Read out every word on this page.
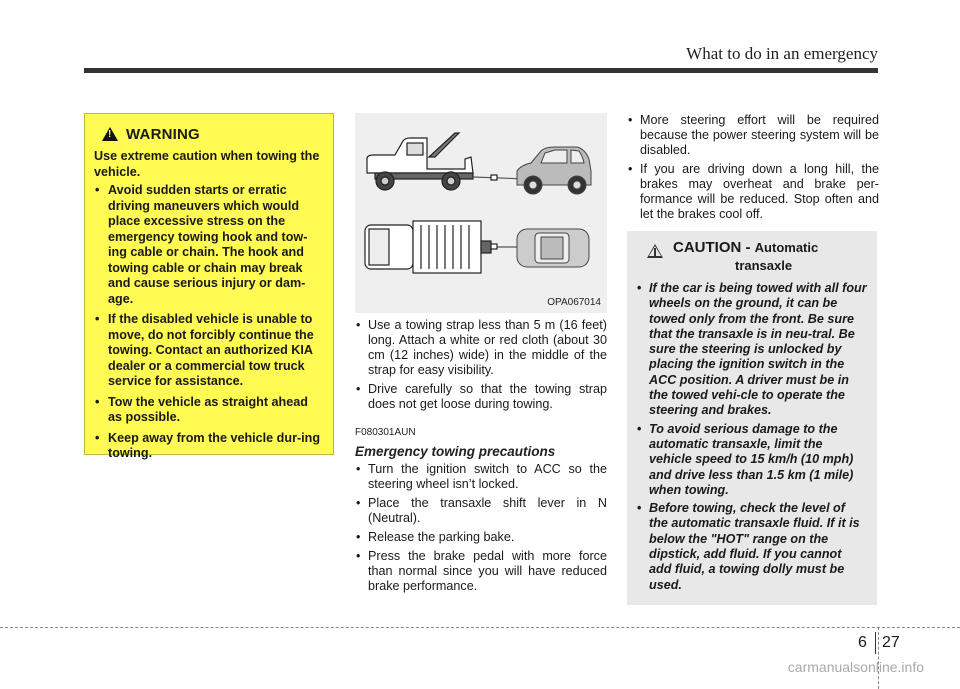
What to do in an emergency
!
WARNING
Use extreme caution when towing the vehicle.
• Avoid sudden starts or erratic driving maneuvers which would place excessive stress on the emergency towing hook and tow-ing cable or chain. The hook and towing cable or chain may break and cause serious injury or dam-age.
• If the disabled vehicle is unable to move, do not forcibly continue the towing. Contact an authorized KIA dealer or a commercial tow truck service for assistance.
• Tow the vehicle as straight ahead as possible.
• Keep away from the vehicle dur-ing towing.
OPA067014
• Use a towing strap less than 5 m (16 feet) long. Attach a white or red cloth (about 30 cm (12 inches) wide) in the middle of the strap for easy visibility.
• Drive carefully so that the towing strap does not get loose during towing.
F080301AUN
Emergency towing precautions
• Turn the ignition switch to ACC so the steering wheel isn’t locked.
• Place the transaxle shift lever in N (Neutral).
• Release the parking bake.
• Press the brake pedal with more force than normal since you will have reduced brake performance.
• More steering effort will be required because the power steering system will be disabled.
• If you are driving down a long hill, the brakes may overheat and brake per-formance will be reduced. Stop often and let the brakes cool off.
CAUTION - Automatic
transaxle
• If the car is being towed with all four wheels on the ground, it can be towed only from the front. Be sure that the transaxle is in neu-tral. Be sure the steering is unlocked by placing the ignition switch in the ACC position. A driver must be in the towed vehi-cle to operate the steering and brakes.
• To avoid serious damage to the automatic transaxle, limit the vehicle speed to 15 km/h (10 mph) and drive less than 1.5 km (1 mile) when towing.
• Before towing, check the level of the automatic transaxle fluid. If it is below the "HOT" range on the dipstick, add fluid. If you cannot add fluid, a towing dolly must be used.
6 27
carmanualsonline.info
